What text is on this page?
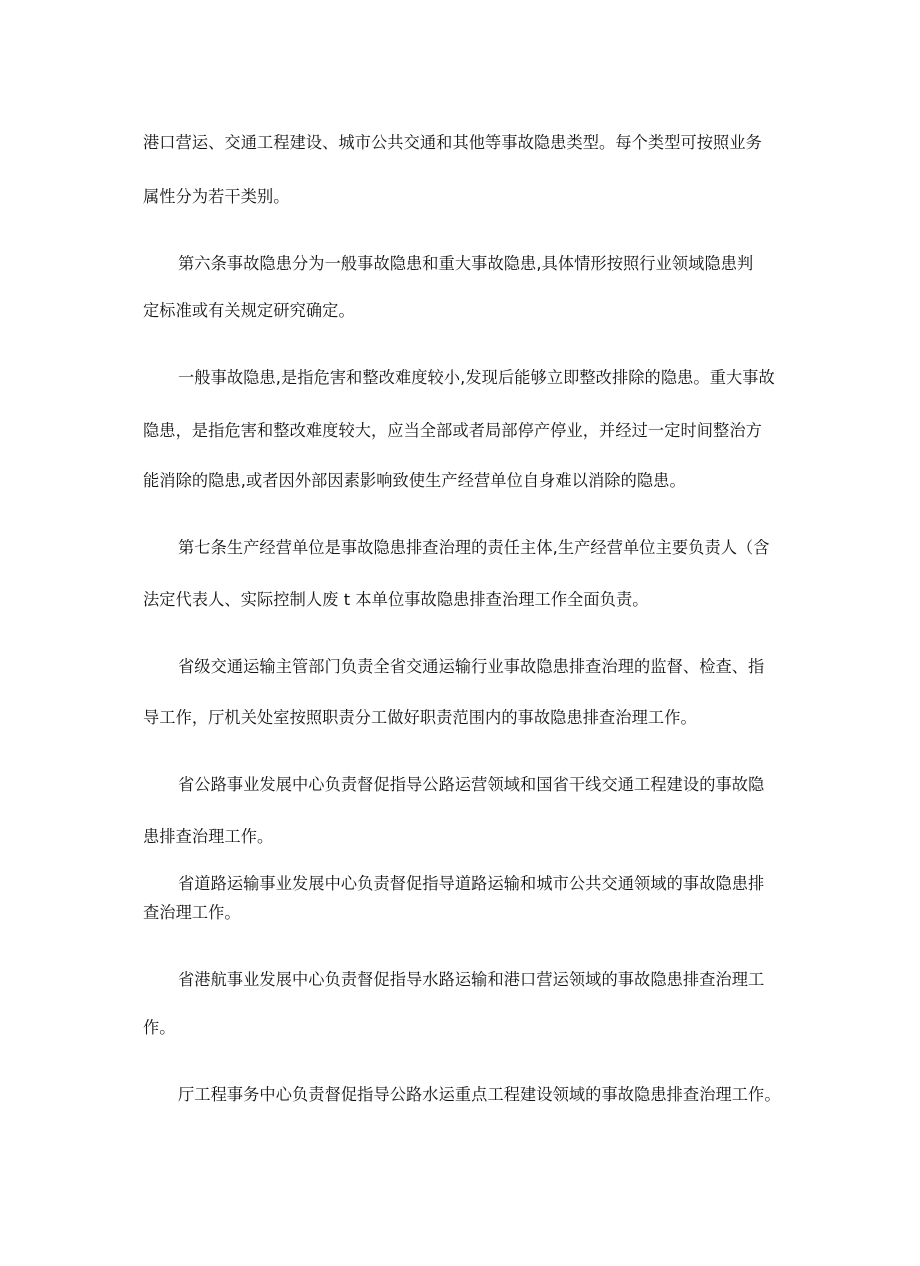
港口营运、交通工程建设、城市公共交通和其他等事故隐患类型。每个类型可按照业务
属性分为若干类别。
第六条事故隐患分为一般事故隐患和重大事故隐患,具体情形按照行业领域隐患判
定标准或有关规定研究确定。
一般事故隐患,是指危害和整改难度较小,发现后能够立即整改排除的隐患。重大事故
隐患，是指危害和整改难度较大，应当全部或者局部停产停业，并经过一定时间整治方
能消除的隐患,或者因外部因素影响致使生产经营单位自身难以消除的隐患。
第七条生产经营单位是事故隐患排查治理的责任主体,生产经营单位主要负责人（含
法定代表人、实际控制人废 t 本单位事故隐患排查治理工作全面负责。
省级交通运输主管部门负责全省交通运输行业事故隐患排查治理的监督、检查、指
导工作，厅机关处室按照职责分工做好职责范围内的事故隐患排查治理工作。
省公路事业发展中心负责督促指导公路运营领域和国省干线交通工程建设的事故隐
患排查治理工作。
省道路运输事业发展中心负责督促指导道路运输和城市公共交通领域的事故隐患排
查治理工作。
省港航事业发展中心负责督促指导水路运输和港口营运领域的事故隐患排查治理工
作。
厅工程事务中心负责督促指导公路水运重点工程建设领域的事故隐患排查治理工作。
